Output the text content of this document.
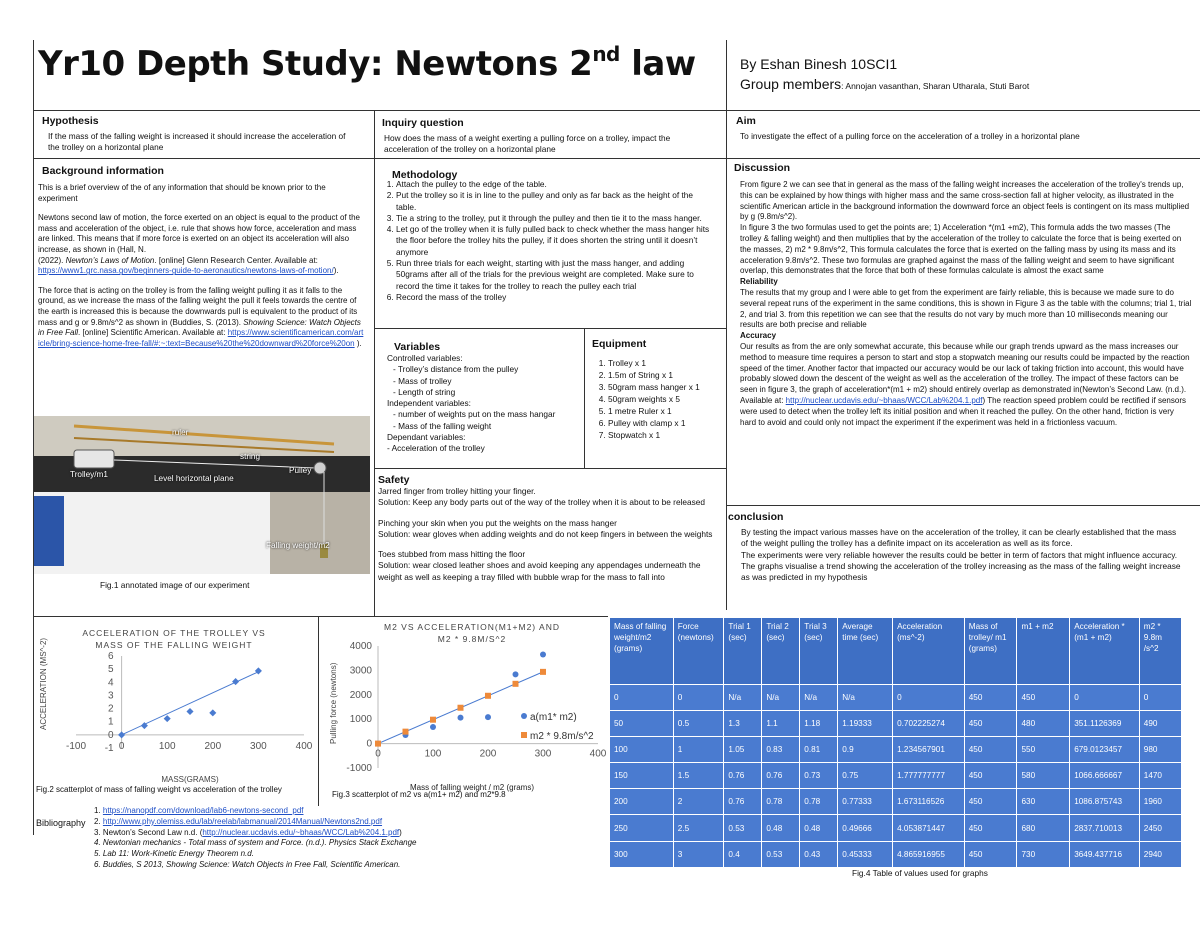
Yr10 Depth Study: Newtons 2nd law	By Eshan Binesh 10SCI1
Group members: Annojan vasanthan, Sharan Utharala, Stuti Barot
Hypothesis
If the mass of the falling weight is increased it should increase the acceleration of the trolley on a horizontal plane
Inquiry question
How does the mass of a weight exerting a pulling force on a trolley, impact the acceleration of the trolley on a horizontal plane
Aim
To investigate the effect of a pulling force on the acceleration of a trolley in a horizontal plane
Background information
This is a brief overview of the of any information that should be known prior to the experiment
Newtons second law of motion, the force exerted on an object is equal to the product of the mass and acceleration of the object, i.e. rule that shows how force, acceleration and mass are linked. This means that if more force is exerted on an object its acceleration will also increase, as shown in (Hall, N.
(2022). Newton’s Laws of Motion. [online] Glenn Research Center. Available at:
https://www1.grc.nasa.gov/beginners-guide-to-aeronautics/newtons-laws-of-motion/).
The force that is acting on the trolley is from the falling weight pulling it as it falls to the ground, as we increase the mass of the falling weight the pull it feels towards the centre of the earth is increased this is because the downwards pull is equivalent to the product of its mass and g or 9.8m/s^2 as shown in (Buddies, S. (2013). Showing Science: Watch Objects in Free Fall. [online] Scientific American. Available at: https://www.scientificamerican.com/article/bring-science-home-free-fall/#:~:text=Because%20the%20downward%20force%20on ).
ruler
string
Trolley/m1	Level horizontal plane
Pulley
Falling weight/m2
Fig.1 annotated image of our experiment
Methodology
1. Attach the pulley to the edge of the table.
2. Put the trolley so it is in line to the pulley and only as far back as the height of the table.
3. Tie a string to the trolley, put it through the pulley and then tie it to the mass hanger.
4. Let go of the trolley when it is fully pulled back to check whether the mass hanger hits the floor before the trolley hits the pulley, if it does shorten the string until it doesn’t anymore
5. Run three trials for each weight, starting with just the mass hanger, and adding 50grams after all of the trials for the previous weight are completed. Make sure to record the time it takes for the trolley to reach the pulley each trial
6. Record the mass of the trolley
Variables
Controlled variables:
- Trolley’s distance from the pulley
- Mass of trolley
- Length of string
Independent variables:
- number of weights put on the mass hangar
- Mass of the falling weight
Dependant variables:
- Acceleration of the trolley
Equipment
1. Trolley x 1
2. 1.5m of String x 1
3. 50gram mass hanger x 1
4. 50gram weights x 5
5. 1 metre Ruler x 1
6. Pulley with clamp x 1
7. Stopwatch x 1
Safety
Jarred finger from trolley hitting your finger.
Solution: Keep any body parts out of the way of the trolley when it is about to be released
Pinching your skin when you put the weights on the mass hanger
Solution: wear gloves when adding weights and do not keep fingers in between the weights
Toes stubbed from mass hitting the floor
Solution: wear closed leather shoes and avoid keeping any appendages underneath the weight as well as keeping a tray filled with bubble wrap for the mass to fall into
Discussion
From figure 2 we can see that in general as the mass of the falling weight increases the acceleration of the trolley's trends up, this can be explained by how things with higher mass and the same cross-section fall at higher velocity, as illustrated in the scientific American article in the background information the downward force an object feels is contingent on its mass multiplied by g (9.8m/s^2).
In figure 3 the two formulas used to get the points are; 1) Acceleration *(m1 +m2), This formula adds the two masses (The trolley & falling weight) and then multiplies that by the acceleration of the trolley to calculate the force that is being exerted on the masses, 2) m2 * 9.8m/s^2, This formula calculates the force that is exerted on the falling mass by using its mass and its acceleration 9.8m/s^2. These two formulas are graphed against the mass of the falling weight and seem to have significant overlap, this demonstrates that the force that both of these formulas calculate is almost the exact same
Reliability
The results that my group and I were able to get from the experiment are fairly reliable, this is because we made sure to do several repeat runs of the experiment in the same conditions, this is shown in Figure 3 as the table with the columns; trial 1, trial 2, and trial 3. from this repetition we can see that the results do not vary by much more than 10 milliseconds meaning our results are both precise and reliable
Accuracy
Our results as from the are only somewhat accurate, this because while our graph trends upward as the mass increases our method to measure time requires a person to start and stop a stopwatch meaning our results could be impacted by the reaction speed of the timer. Another factor that impacted our accuracy would be our lack of taking friction into account, this would have probably slowed down the descent of the weight as well as the acceleration of the trolley. The impact of these factors can be seen in figure 3, the graph of acceleration*(m1 + m2) should entirely overlap as demonstrated in(Newton’s Second Law. (n.d.). Available at: http://nuclear.ucdavis.edu/~bhaas/WCC/Lab%204.1.pdf) The reaction speed problem could be rectified if sensors were used to detect when the trolley left its initial position and when it reached the pulley. On the other hand, friction is very hard to avoid and could only not impact the experiment if the experiment was held in a frictionless vacuum.
conclusion
By testing the impact various masses have on the acceleration of the trolley, it can be clearly established that the mass of the weight pulling the trolley has a definite impact on its acceleration as well as its force.
The experiments were very reliable however the results could be better in term of factors that might influence accuracy.
The graphs visualise a trend showing the acceleration of the trolley increasing as the mass of the falling weight increase as was predicted in my hypothesis
ACCELERATION OF THE TROLLEY VS
MASS OF THE FALLING WEIGHT
-100	0	100	200	300	400
-1
0
1
2
3
4
5
6
MASS(GRAMS)
ACCELERATION (MS^-2)
Fig.2 scatterplot of mass of falling weight vs acceleration of the trolley
M2 VS ACCELERATION(M1+M2) AND
M2 * 9.8M/S^2
0	100	200	300	400
-1000
0
1000
2000
3000
4000
Pulling force (newtons)
Mass of falling weight / m2 (grams)
a(m1* m2)
m2 * 9.8m/s^2
Fig.3 scatterplot of m2 vs a(m1+ m2) and m2*9.8
Mass of falling weight/m2 (grams)	Force (newtons)	Trial 1 (sec)	Trial 2 (sec)	Trial 3 (sec)	Average time (sec)	Acceleration (ms^-2)	Mass of trolley/ m1 (grams)	m1 + m2	Acceleration *(m1 + m2)	m2 * 9.8m /s^2
0	0	N/a	N/a	N/a	N/a	0	450	450	0	0
50	0.5	1.3	1.1	1.18	1.19333	0.702225274	450	480	351.1126369	490
100	1	1.05	0.83	0.81	0.9	1.234567901	450	550	679.0123457	980
150	1.5	0.76	0.76	0.73	0.75	1.777777777	450	580	1066.666667	1470
200	2	0.76	0.78	0.78	0.77333	1.673116526	450	630	1086.875743	1960
250	2.5	0.53	0.48	0.48	0.49666	4.053871447	450	680	2837.710013	2450
300	3	0.4	0.53	0.43	0.45333	4.865916955	450	730	3649.437716	2940
Fig.4 Table of values used for graphs
Bibliography
1. https://nanopdf.com/download/lab6-newtons-second_pdf
2. http://www.phy.olemiss.edu/lab/reelab/labmanual/2014Manual/Newtons2nd.pdf
3. Newton’s Second Law n.d. (http://nuclear.ucdavis.edu/~bhaas/WCC/Lab%204.1.pdf)
4. Newtonian mechanics - Total mass of system and Force. (n.d.). Physics Stack Exchange
5. Lab 11: Work-Kinetic Energy Theorem n.d.
6. Buddies, S 2013, Showing Science: Watch Objects in Free Fall, Scientific American.
